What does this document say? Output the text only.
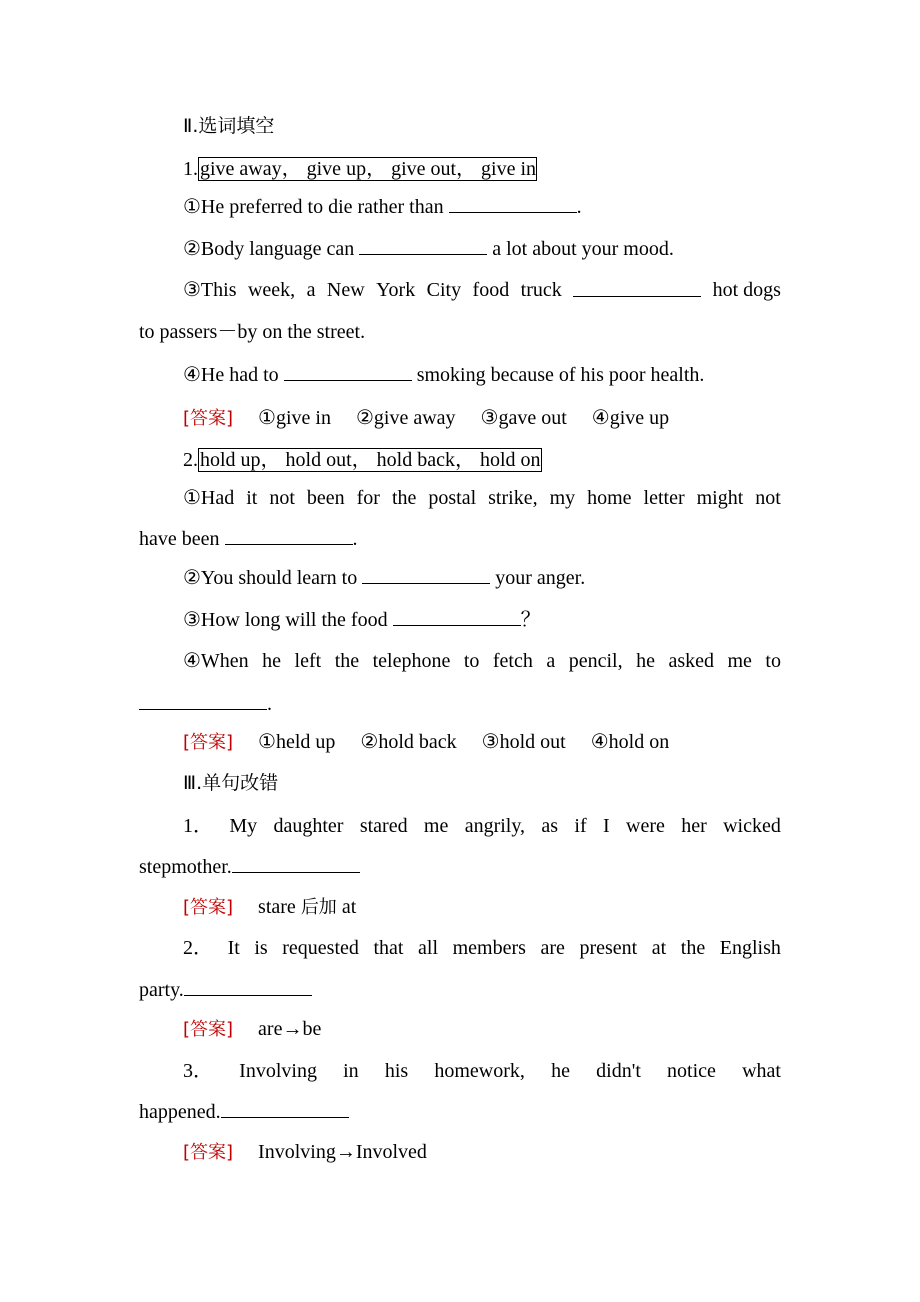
Ⅱ.选词填空
1. give away， give up， give out， give in
①He preferred to die rather than	.
②Body language can	a lot about your mood.
③This week, a New York City food truck	hot dogs
to passers－by on the street.
④He had to	smoking because of his poor health.
[答案] ①give in ②give away ③gave out ④give up
2. hold up， hold out， hold back， hold on
①Had it not been for the postal strike, my home letter might not
have been	.
②You should learn to	your anger.
③How long will the food	？
④When he left the telephone to fetch a pencil, he asked me to
.
[答案] ①held up ②hold back ③hold out ④hold on
Ⅲ.单句改错
1． My daughter stared me angrily, as if I were her wicked
stepmother.
[答案] stare 后加 at
2． It is requested that all members are present at the English
party.
[答案] are→be
3． Involving in his homework, he didn't notice what
happened.
[答案] Involving→Involved
